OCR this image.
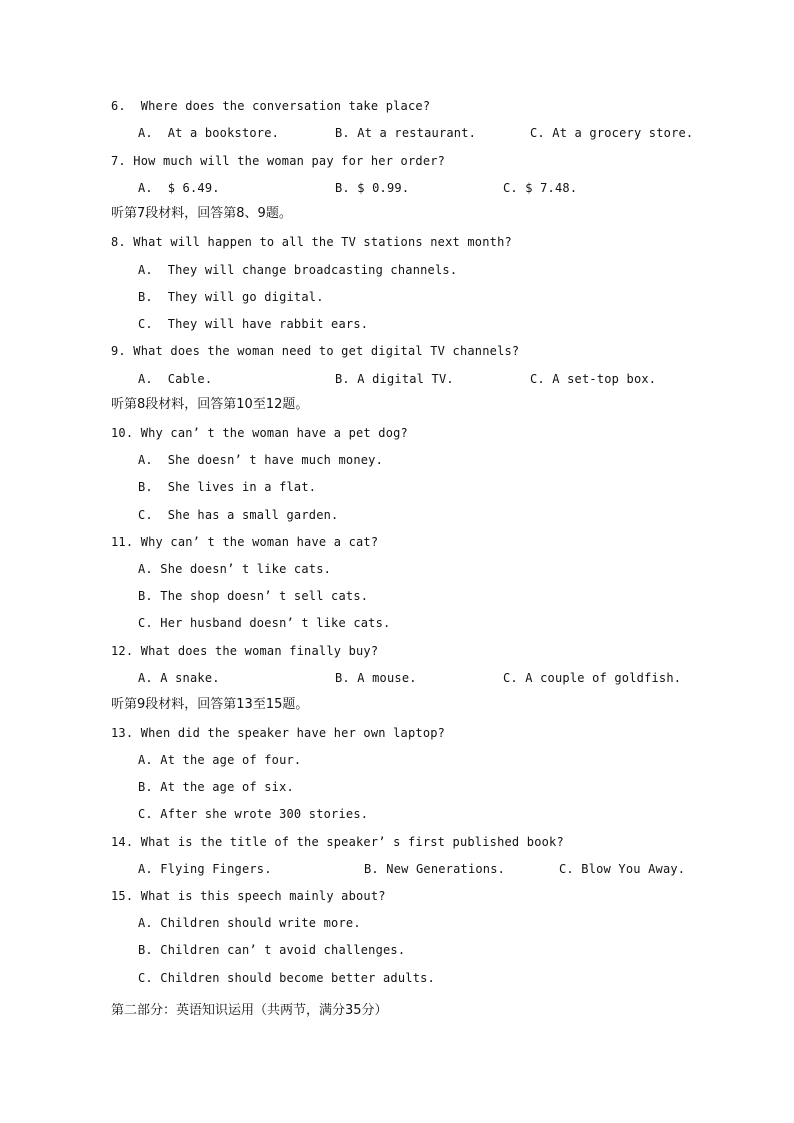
6.  Where does the conversation take place?
A.  At a bookstore.	B. At a restaurant.	C. At a grocery store.
7. How much will the woman pay for her order?
A.  $ 6.49.	B. $ 0.99.	C. $ 7.48.
听第7段材料，回答第8、9题。
8. What will happen to all the TV stations next month?
A.  They will change broadcasting channels.
B.  They will go digital.
C.  They will have rabbit ears.
9. What does the woman need to get digital TV channels?
A.  Cable.	B. A digital TV.	C. A set-top box.
听第8段材料，回答第10至12题。
10. Why can’ t the woman have a pet dog?
A.  She doesn’ t have much money.
B.  She lives in a flat.
C.  She has a small garden.
11. Why can’ t the woman have a cat?
A. She doesn’ t like cats.
B. The shop doesn’ t sell cats.
C. Her husband doesn’ t like cats.
12. What does the woman finally buy?
A. A snake.	B. A mouse.	C. A couple of goldfish.
听第9段材料，回答第13至15题。
13. When did the speaker have her own laptop?
A. At the age of four.
B. At the age of six.
C. After she wrote 300 stories.
14. What is the title of the speaker’ s first published book?
A. Flying Fingers.	B. New Generations.	C. Blow You Away.
15. What is this speech mainly about?
A. Children should write more.
B. Children can’ t avoid challenges.
C. Children should become better adults.
第二部分：英语知识运用（共两节，满分35分）
